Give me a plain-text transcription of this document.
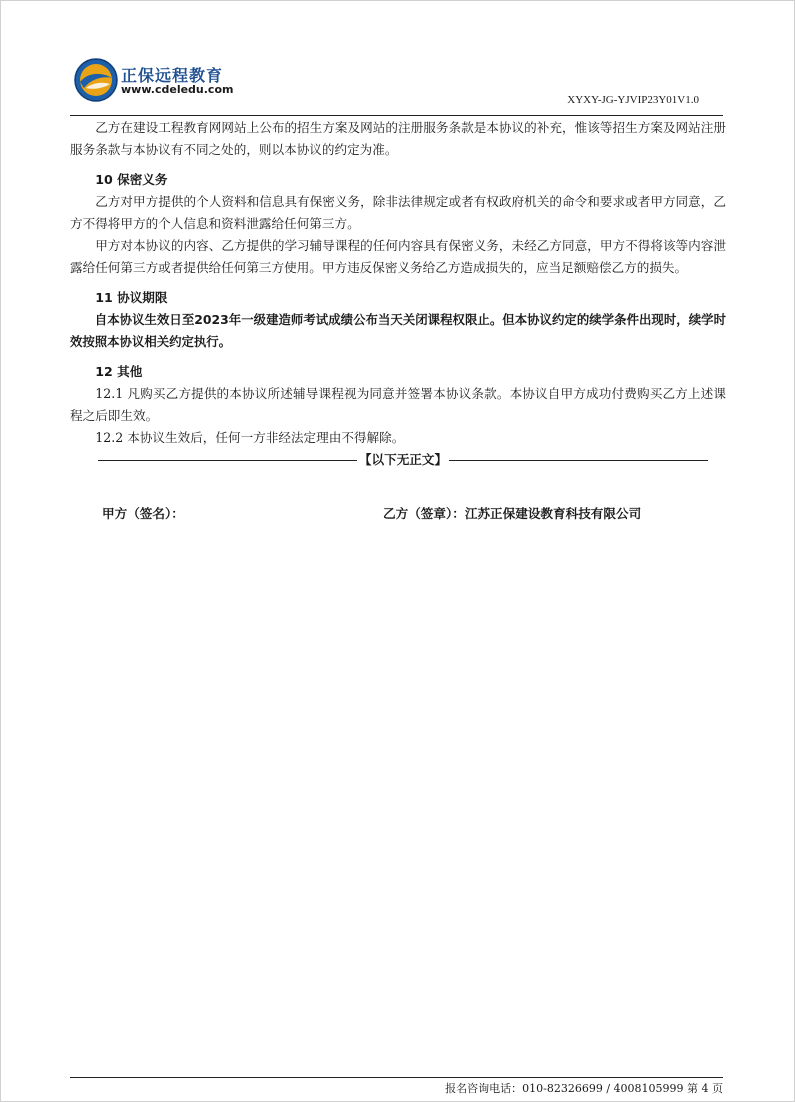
正保远程教育
www.cdeledu.com
XYXY-JG-YJVIP23Y01V1.0

乙方在建设工程教育网网站上公布的招生方案及网站的注册服务条款是本协议的补充，惟该等招生方案及网站注册服务条款与本协议有不同之处的，则以本协议的约定为准。

10 保密义务

乙方对甲方提供的个人资料和信息具有保密义务，除非法律规定或者有权政府机关的命令和要求或者甲方同意，乙方不得将甲方的个人信息和资料泄露给任何第三方。

甲方对本协议的内容、乙方提供的学习辅导课程的任何内容具有保密义务，未经乙方同意，甲方不得将该等内容泄露给任何第三方或者提供给任何第三方使用。甲方违反保密义务给乙方造成损失的，应当足额赔偿乙方的损失。

11 协议期限

自本协议生效日至2023年一级建造师考试成绩公布当天关闭课程权限止。但本协议约定的续学条件出现时，续学时效按照本协议相关约定执行。

12 其他

12.1 凡购买乙方提供的本协议所述辅导课程视为同意并签署本协议条款。本协议自甲方成功付费购买乙方上述课程之后即生效。

12.2 本协议生效后，任何一方非经法定理由不得解除。

【以下无正文】
甲方（签名）：	乙方（签章）：江苏正保建设教育科技有限公司
报名咨询电话：010-82326699 / 4008105999 第 4 页
